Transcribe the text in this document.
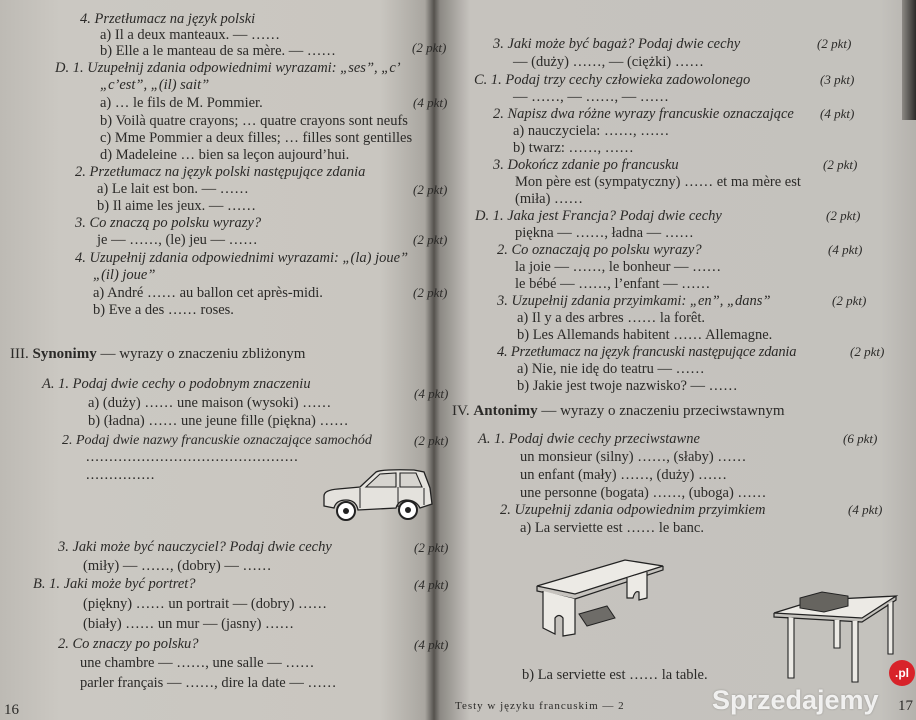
4. Przetłumacz na język polski
a) Il a deux manteaux. — ……
b) Elle a le manteau de sa mère. — ……
D. 1. Uzupełnij zdania odpowiednimi wyrazami: „ses”, „c’
„c’est”, „(il) sait”
a) … le fils de M. Pommier.
b) Voilà quatre crayons; … quatre crayons sont neufs
c) Mme Pommier a deux filles; … filles sont gentilles
d) Madeleine … bien sa leçon aujourd’hui.
2. Przetłumacz na język polski następujące zdania
a) Le lait est bon. — ……
b) Il aime les jeux. — ……
3. Co znaczą po polsku wyrazy?
je — ……, (le) jeu — ……
4. Uzupełnij zdania odpowiednimi wyrazami: „(la) joue”
„(il) joue”
a) André …… au ballon cet après-midi.
b) Eve a des …… roses.
III. Synonimy — wyrazy o znaczeniu zbliżonym
A. 1. Podaj dwie cechy o podobnym znaczeniu
a) (duży) …… une maison (wysoki) ……
b) (ładna) …… une jeune fille (piękna) ……
2. Podaj dwie nazwy francuskie oznaczające samochód
..............................................
...............
3. Jaki może być nauczyciel? Podaj dwie cechy
(miły) — ……, (dobry) — ……
B. 1. Jaki może być portret?
(piękny) …… un portrait — (dobry) ……
(biały) …… un mur — (jasny) ……
2. Co znaczy po polsku?
une chambre — ……, une salle — ……
parler français — ……, dire la date — ……
(2 pkt)
(4 pkt)
(2 pkt)
(2 pkt)
(2 pkt)
(4 pkt)
(2 pkt)
(2 pkt)
(4 pkt)
(4 pkt)
16
3. Jaki może być bagaż? Podaj dwie cechy
— (duży) ……, — (ciężki) ……
C. 1. Podaj trzy cechy człowieka zadowolonego
— ……, — ……, — ……
2. Napisz dwa różne wyrazy francuskie oznaczające
a) nauczyciela: ……, ……
b) twarz: ……, ……
3. Dokończ zdanie po francusku
Mon père est (sympatyczny) …… et ma mère est
(miła) ……
D. 1. Jaka jest Francja? Podaj dwie cechy
piękna — ……, ładna — ……
2. Co oznaczają po polsku wyrazy?
la joie — ……, le bonheur — ……
le bébé — ……, l’enfant — ……
3. Uzupełnij zdania przyimkami: „en”, „dans”
a) Il y a des arbres …… la forêt.
b) Les Allemands habitent …… Allemagne.
4. Przetłumacz na język francuski następujące zdania
a) Nie, nie idę do teatru — ……
b) Jakie jest twoje nazwisko? — ……
IV. Antonimy — wyrazy o znaczeniu przeciwstawnym
A. 1. Podaj dwie cechy przeciwstawne
un monsieur (silny) ……, (słaby) ……
un enfant (mały) ……, (duży) ……
une personne (bogata) ……, (uboga) ……
2. Uzupełnij zdania odpowiednim przyimkiem
a) La serviette est …… le banc.
b) La serviette est …… la table.
(2 pkt)
(3 pkt)
(4 pkt)
(2 pkt)
(2 pkt)
(4 pkt)
(2 pkt)
(2 pkt)
(6 pkt)
(4 pkt)
Testy w języku francuskim — 2	17
Sprzedajemy
.pl
